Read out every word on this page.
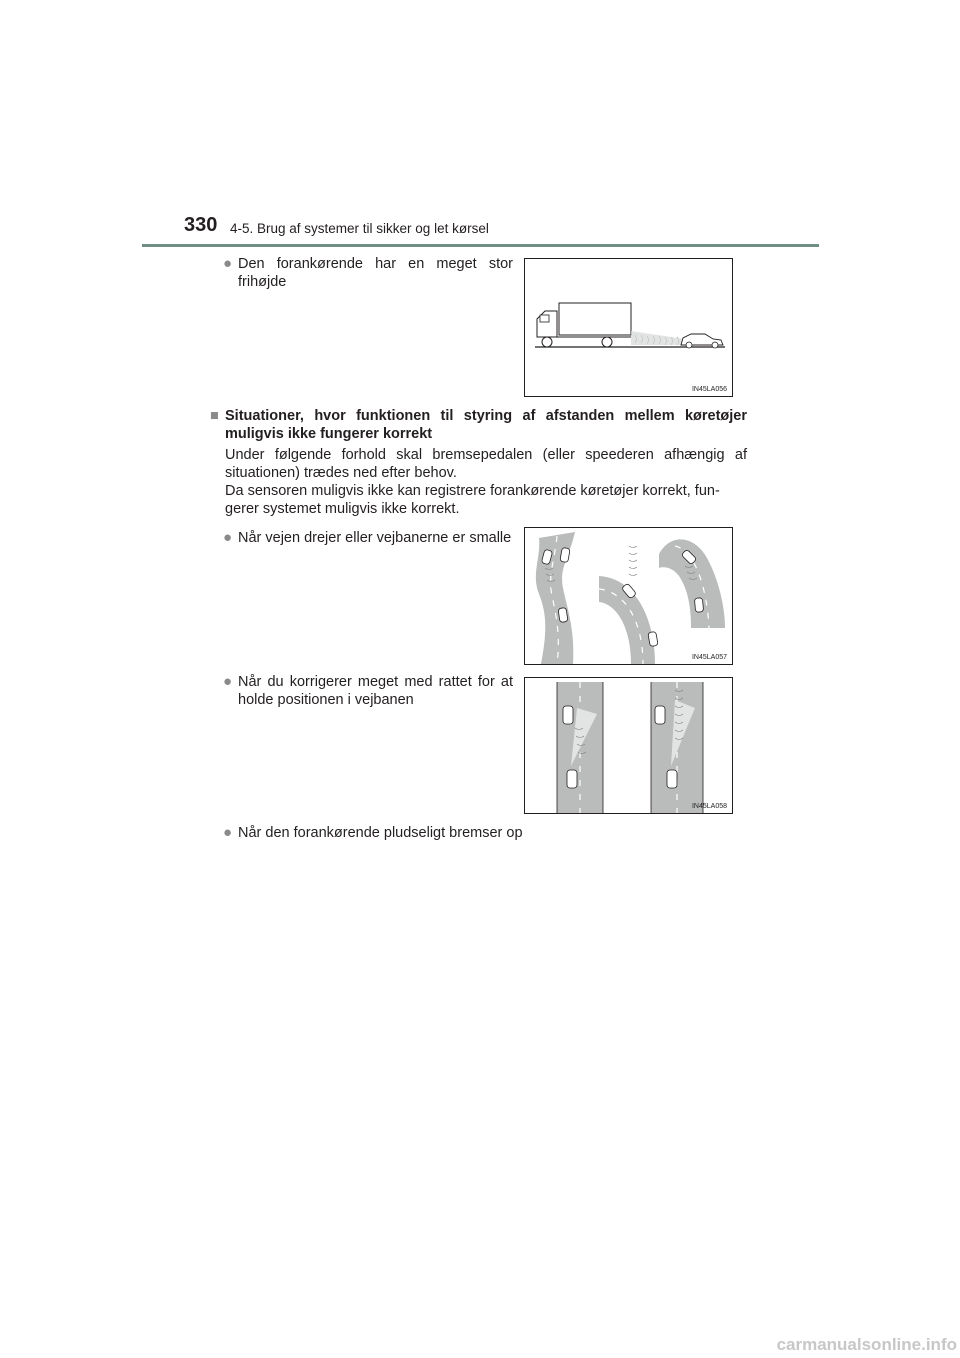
330 4-5. Brug af systemer til sikker og let kørsel
● Den forankørende har en meget stor frihøjde
IN45LA056
■ Situationer, hvor funktionen til styring af afstanden mellem køretøjer muligvis ikke fungerer korrekt

Under følgende forhold skal bremsepedalen (eller speederen afhængig af situationen) trædes ned efter behov.

Da sensoren muligvis ikke kan registrere forankørende køretøjer korrekt, fun-gerer systemet muligvis ikke korrekt.

● Når vejen drejer eller vejbanerne er smalle
IN45LA057
● Når du korrigerer meget med rattet for at holde positionen i vejbanen
IN45LA058
● Når den forankørende pludseligt bremser op
carmanualsonline.info
